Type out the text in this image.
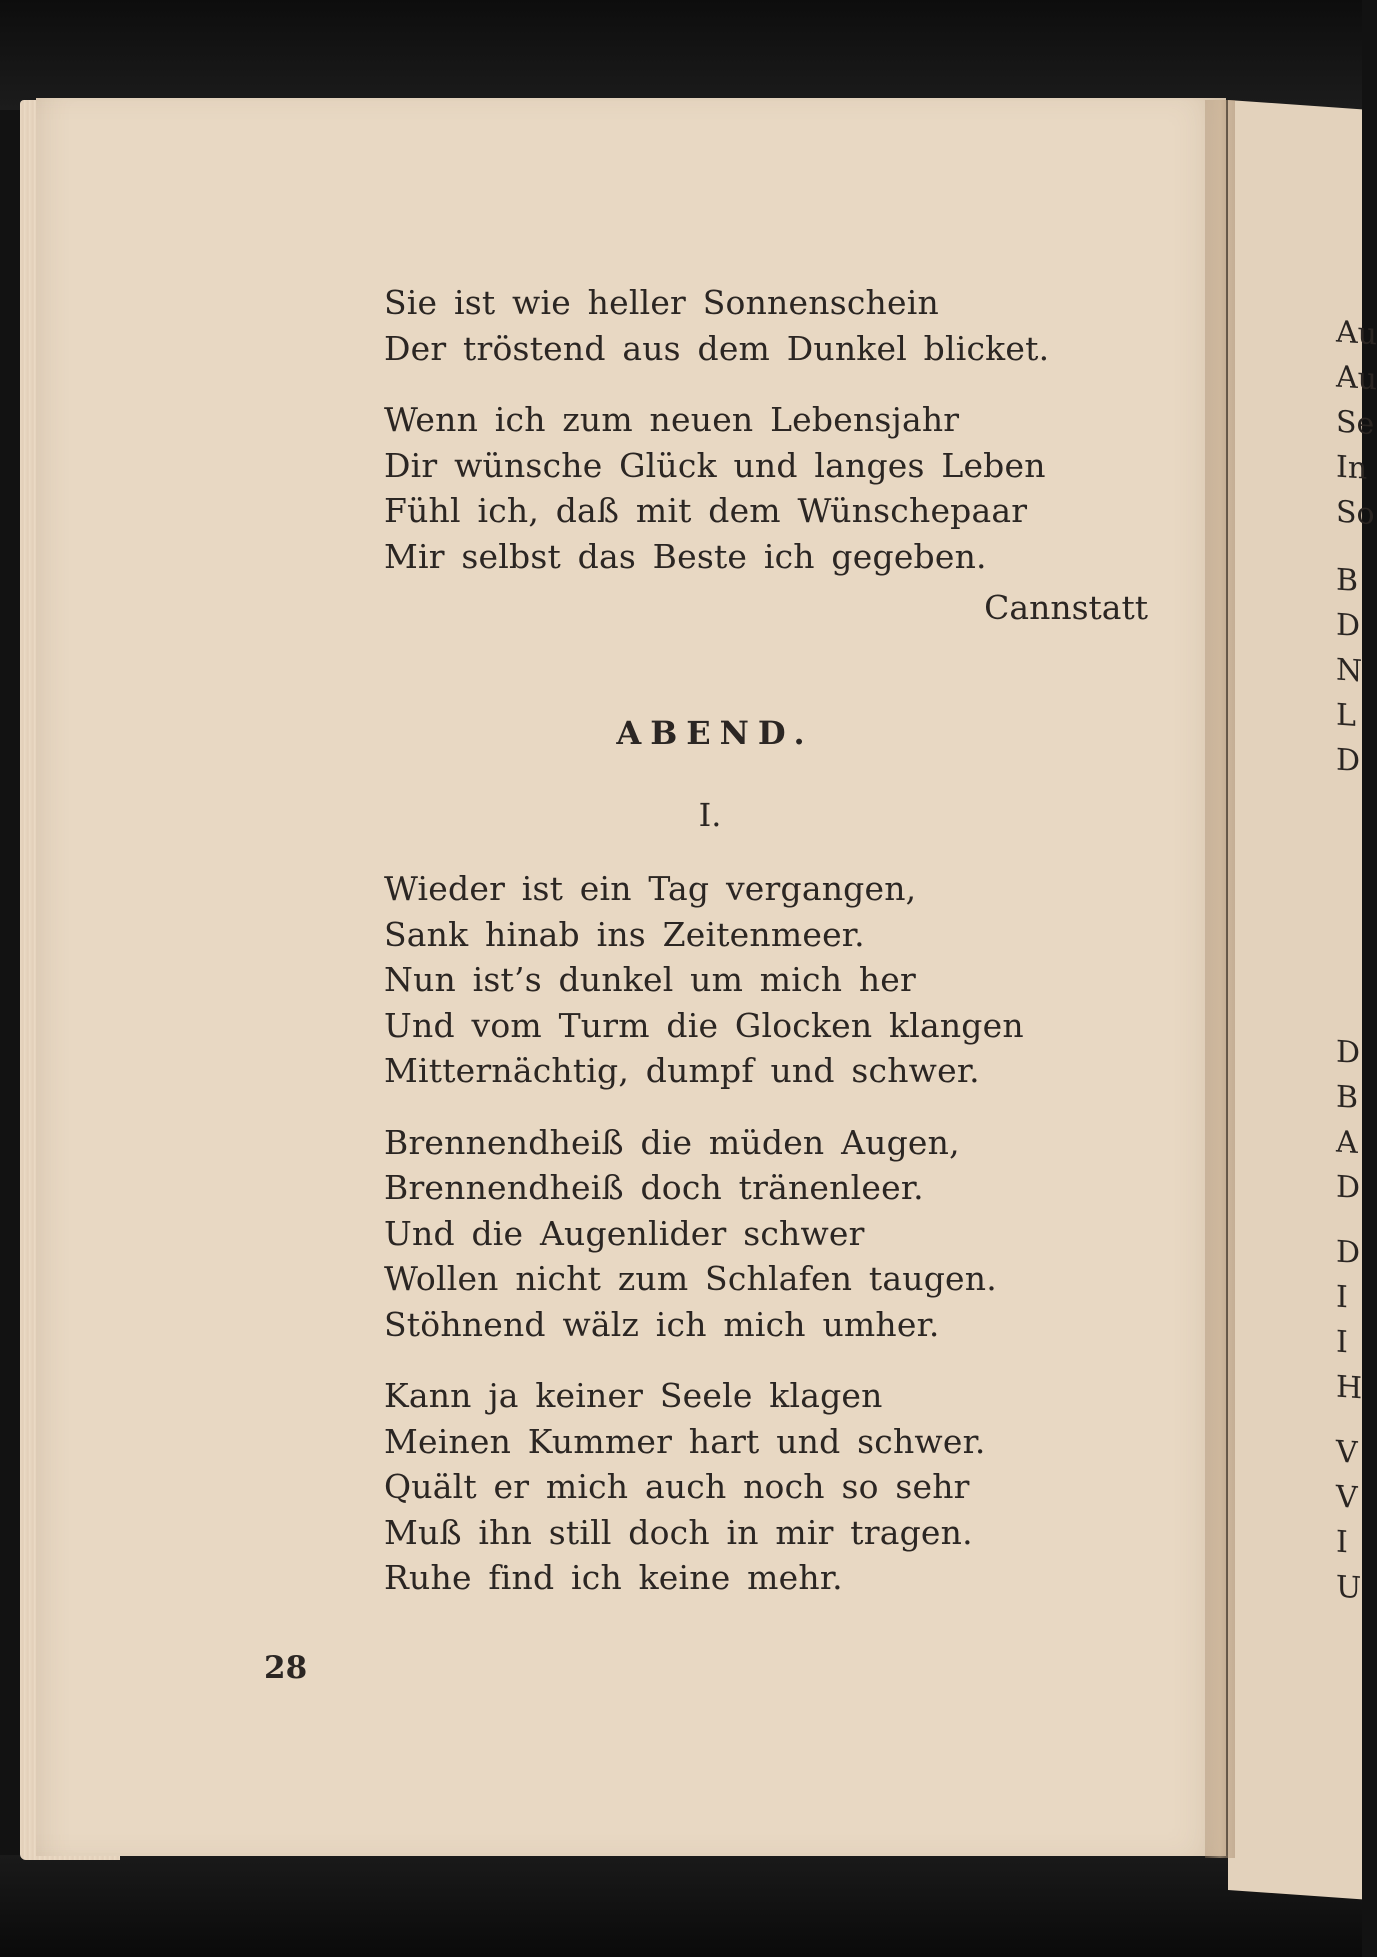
Au
Au
Se
In
So
B
D
N
L
D
D
B
A
D
D
I
I
H
V
V
I
U
Sie ist wie heller Sonnenschein
Der tröstend aus dem Dunkel blicket.
Wenn ich zum neuen Lebensjahr
Dir wünsche Glück und langes Leben
Fühl ich, daß mit dem Wünschepaar
Mir selbst das Beste ich gegeben.
Cannstatt
ABEND.
I.
Wieder ist ein Tag vergangen,
Sank hinab ins Zeitenmeer.
Nun ist’s dunkel um mich her
Und vom Turm die Glocken klangen
Mitternächtig, dumpf und schwer.
Brennendheiß die müden Augen,
Brennendheiß doch tränenleer.
Und die Augenlider schwer
Wollen nicht zum Schlafen taugen.
Stöhnend wälz ich mich umher.
Kann ja keiner Seele klagen
Meinen Kummer hart und schwer.
Quält er mich auch noch so sehr
Muß ihn still doch in mir tragen.
Ruhe find ich keine mehr.
28
